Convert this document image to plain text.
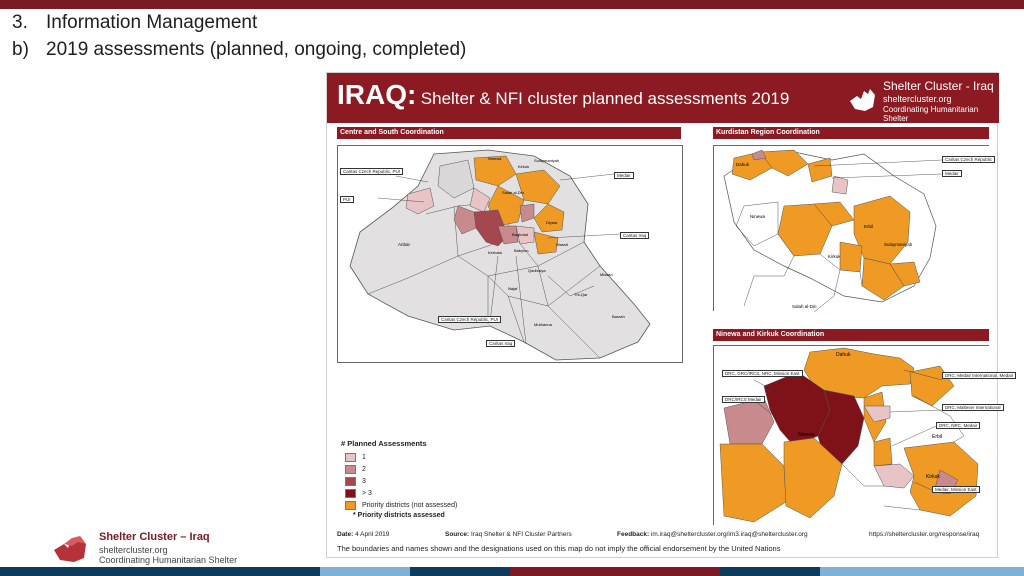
3. Information Management
b) 2019 assessments (planned, ongoing, completed)
IRAQ: Shelter & NFI cluster planned assessments 2019
Shelter Cluster - Iraq
sheltercluster.org
Coordinating Humanitarian Shelter
Centre and South Coordination
Ninewa
Kirkuk
Sulaymaniyah
Salah al-Din
Diyala
Anbar
Baghdad
Kerbala	Babylon
Wassit
Qadissiya
Missan
Najaf
Thi-Qar
Basrah
Muthanna
Caritas Czech Republic, PUI
PUI
Medair
Caritas Iraq
Caritas Czech Republic, PUI
Caritas Iraq
Kurdistan Region Coordination
Dahuk
Erbil
Ninewa
Kirkuk
Sulaymaniyah
Salah al-Din
Caritas Czech Republic
Medair
Ninewa and Kirkuk Coordination
Dahuk
Erbil
Ninewa
Kirkuk
DRC, GRC/IRCS, NRC, Mission East
DRC/IRCS Medair
DRC, Medair International, Medair
DRC, Malteser International
DRC, NRC, Medair
Medair, Mission East
# Planned Assessments
1
2
3
> 3
Priority districts (not assessed)
* Priority districts assessed
Date: 4 April 2019	Source: Iraq Shelter & NFI Cluster Partners	Feedback: im.iraq@sheltercluster.org/im3.iraq@sheltercluster.org	https://sheltercluster.org/response/iraq
The boundaries and names shown and the designations used on this map do not imply the official endorsement by the United Nations
Shelter Cluster – Iraq
sheltercluster.org
Coordinating Humanitarian Shelter
